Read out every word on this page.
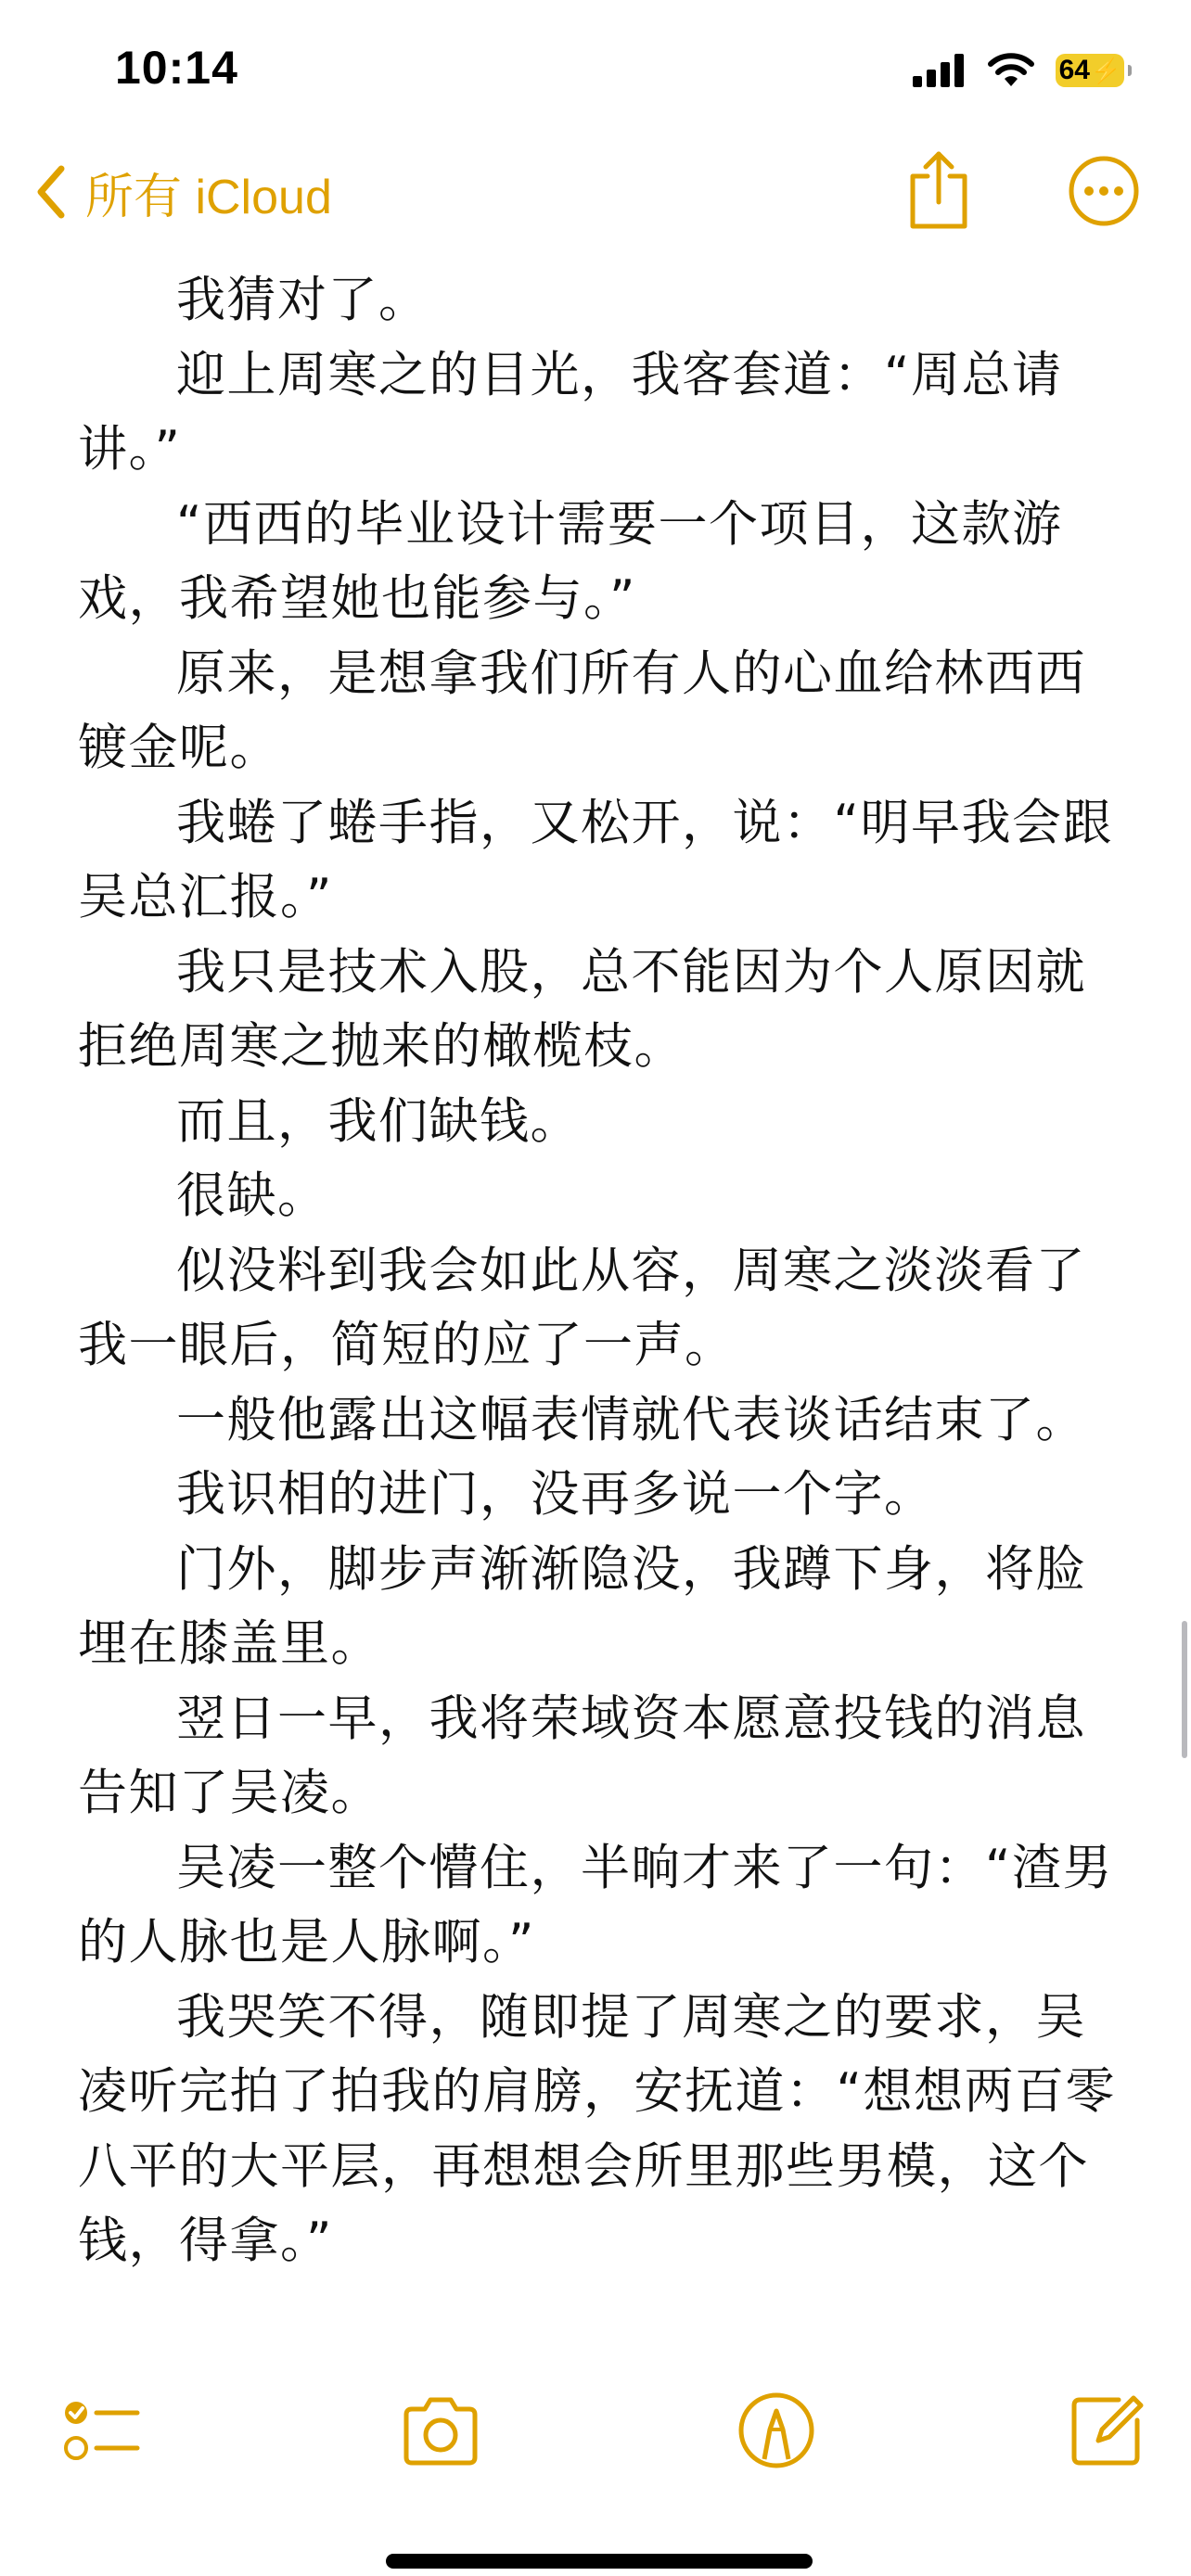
10:14	64 ⚡
所有 iCloud

我猜对了。

迎上周寒之的目光，我客套道：“周总请讲。”

“西西的毕业设计需要一个项目，这款游戏，我希望她也能参与。”

原来，是想拿我们所有人的心血给林西西镀金呢。

我蜷了蜷手指，又松开，说：“明早我会跟吴总汇报。”

我只是技术入股，总不能因为个人原因就拒绝周寒之抛来的橄榄枝。

而且，我们缺钱。

很缺。

似没料到我会如此从容，周寒之淡淡看了我一眼后，简短的应了一声。

一般他露出这幅表情就代表谈话结束了。

我识相的进门，没再多说一个字。

门外，脚步声渐渐隐没，我蹲下身，将脸埋在膝盖里。

翌日一早，我将荣域资本愿意投钱的消息告知了吴凌。

吴凌一整个懵住，半晌才来了一句：“渣男的人脉也是人脉啊。”

我哭笑不得，随即提了周寒之的要求，吴凌听完拍了拍我的肩膀，安抚道：“想想两百零八平的大平层，再想想会所里那些男模，这个钱，得拿。”
